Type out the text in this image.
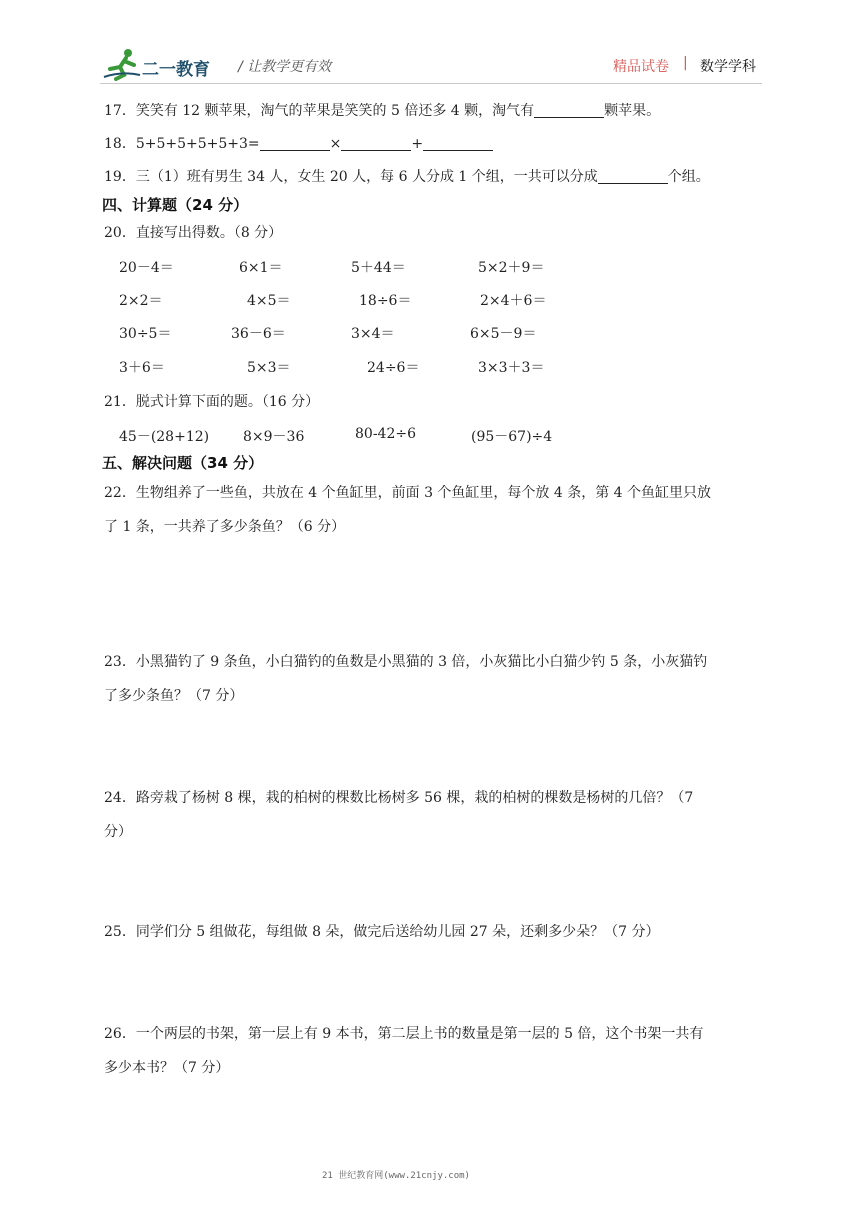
二一教育 / 让教学更有效	精品试卷 | 数学学科
17．笑笑有 12 颗苹果，淘气的苹果是笑笑的 5 倍还多 4 颗，淘气有	颗苹果。
18．5+5+5+5+5+3=	×	+
19．三（1）班有男生 34 人，女生 20 人，每 6 人分成 1 个组，一共可以分成	个组。
四、计算题（24 分）
20．直接写出得数。（8 分）
20－4＝	6×1＝	5＋44＝	5×2＋9＝
2×2＝	4×5＝	18÷6＝	2×4＋6＝
30÷5＝	36－6＝	3×4＝	6×5－9＝
3＋6＝	5×3＝	24÷6＝	3×3＋3＝
21．脱式计算下面的题。（16 分）
45－(28+12) 8×9－36	80-42÷6	(95－67)÷4
五、解决问题（34 分）
22．生物组养了一些鱼，共放在 4 个鱼缸里，前面 3 个鱼缸里，每个放 4 条，第 4 个鱼缸里只放
了 1 条，一共养了多少条鱼？（6 分）
23．小黑猫钓了 9 条鱼，小白猫钓的鱼数是小黑猫的 3 倍，小灰猫比小白猫少钓 5 条，小灰猫钓
了多少条鱼？（7 分）
24．路旁栽了杨树 8 棵，栽的柏树的棵数比杨树多 56 棵，栽的柏树的棵数是杨树的几倍？（7
分）
25．同学们分 5 组做花，每组做 8 朵，做完后送给幼儿园 27 朵，还剩多少朵？（7 分）
26．一个两层的书架，第一层上有 9 本书，第二层上书的数量是第一层的 5 倍，这个书架一共有
多少本书？（7 分）
21 世纪教育网(www.21cnjy.com)
